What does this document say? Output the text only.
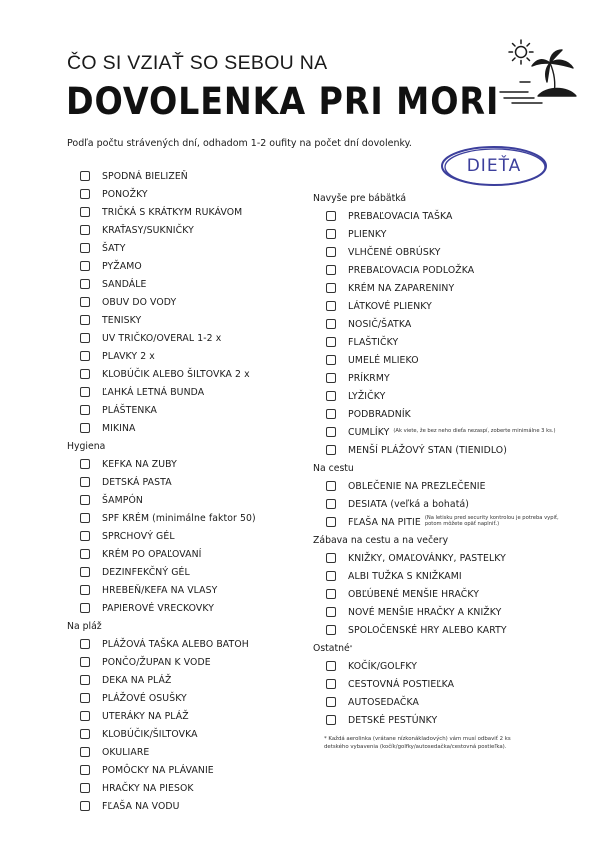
ČO SI VZIAŤ SO SEBOU NA
DOVOLENKA PRI MORI
Podľa počtu strávených dní, odhadom 1-2 oufity na počet dní dovolenky.
DIEŤA
SPODNÁ BIELIZEŇ
PONOŽKY
TRIČKÁ S KRÁTKYM RUKÁVOM
KRAŤASY/SUKNIČKY
ŠATY
PYŽAMO
SANDÁLE
OBUV DO VODY
TENISKY
UV TRIČKO/OVERAL 1-2 x
PLAVKY 2 x
KLOBÚČIK ALEBO ŠILTOVKA 2 x
ĽAHKÁ LETNÁ BUNDA
PLÁŠTENKA
MIKINA
Hygiena
KEFKA NA ZUBY
DETSKÁ PASTA
ŠAMPÓN
SPF KRÉM (minimálne faktor 50)
SPRCHOVÝ GÉL
KRÉM PO OPAĽOVANÍ
DEZINFEKČNÝ GÉL
HREBEŇ/KEFA NA VLASY
PAPIEROVÉ VRECKOVKY
Na pláž
PLÁŽOVÁ TAŠKA ALEBO BATOH
PONČO/ŽUPAN K VODE
DEKA NA PLÁŽ
PLÁŽOVÉ OSUŠKY
UTERÁKY NA PLÁŽ
KLOBÚČIK/ŠILTOVKA
OKULIARE
POMÔCKY NA PLÁVANIE
HRAČKY NA PIESOK
FĽAŠA NA VODU
Navyše pre bábätká
PREBAĽOVACIA TAŠKA
PLIENKY
VLHČENÉ OBRÚSKY
PREBAĽOVACIA PODLOŽKA
KRÉM NA ZAPARENINY
LÁTKOVÉ PLIENKY
NOSIČ/ŠATKA
FLAŠTIČKY
UMELÉ MLIEKO
PRÍKRMY
LYŽIČKY
PODBRADNÍK
CUMLÍKY (Ak viete, že bez neho dieťa nezaspí, zoberte minimálne 3 ks.)
MENŠÍ PLÁŽOVÝ STAN (TIENIDLO)
Na cestu
OBLEČENIE NA PREZLEČENIE
DESIATA (veľká a bohatá)
FĽAŠA NA PITIE (Na letisku pred security kontrolou je potreba vypiť,
potom môžete opäť naplniť.)
Zábava na cestu a na večery
KNIŽKY, OMAĽOVÁNKY, PASTELKY
ALBI TUŽKA S KNIŽKAMI
OBĽÚBENÉ MENŠIE HRAČKY
NOVÉ MENŠIE HRAČKY A KNIŽKY
SPOLOČENSKÉ HRY ALEBO KARTY
Ostatné *
KOČÍK/GOLFKY
CESTOVNÁ POSTIEĽKA
AUTOSEDAČKA
DETSKÉ PESTÚNKY
* Každá aerolinka (vrátane nízkonákladových) vám musí odbaviť 2 ks
detského vybavenia (kočík/golfky/autosedačka/cestovná postieľka).
